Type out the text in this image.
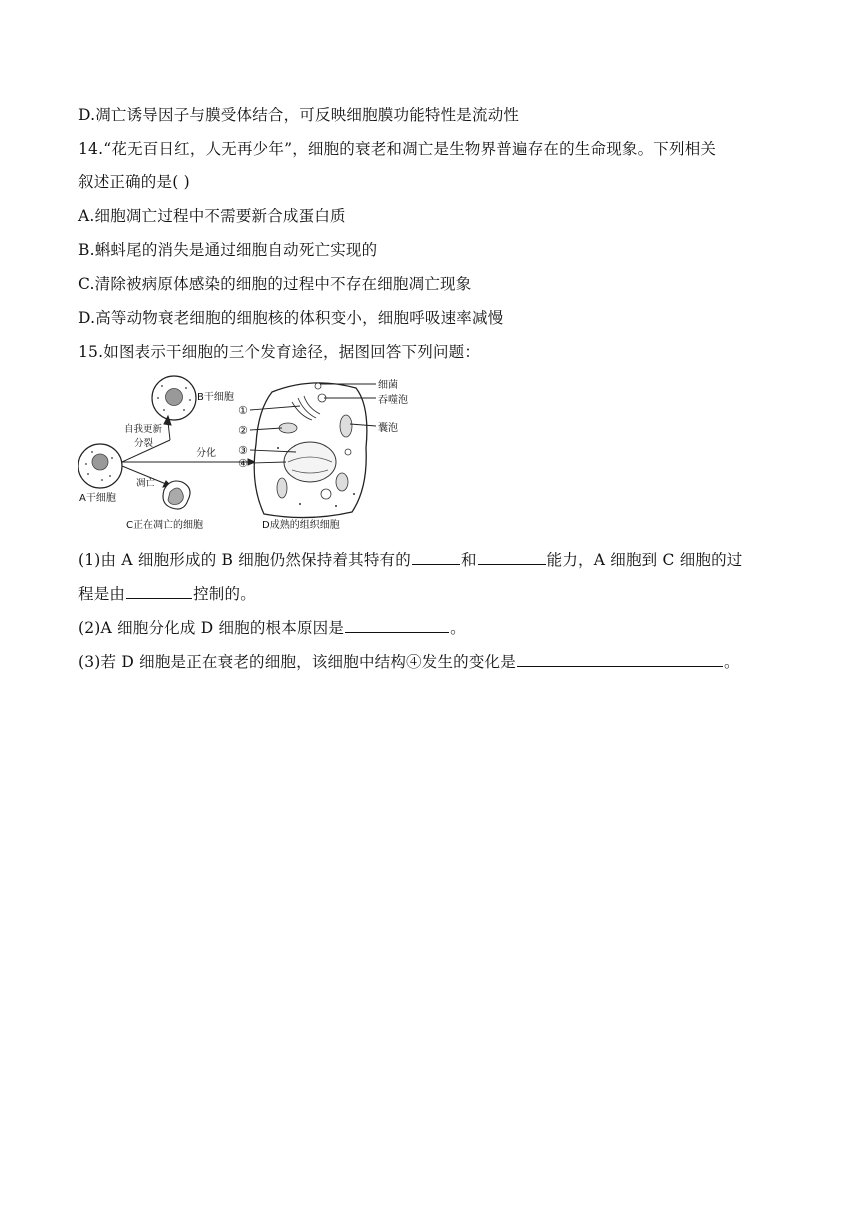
D.凋亡诱导因子与膜受体结合，可反映细胞膜功能特性是流动性
14.“花无百日红，人无再少年”，细胞的衰老和凋亡是生物界普遍存在的生命现象。下列相关
叙述正确的是( )
A.细胞凋亡过程中不需要新合成蛋白质
B.蝌蚪尾的消失是通过细胞自动死亡实现的
C.清除被病原体感染的细胞的过程中不存在细胞凋亡现象
D.高等动物衰老细胞的细胞核的体积变小，细胞呼吸速率减慢
15.如图表示干细胞的三个发育途径，据图回答下列问题：
A干细胞
B干细胞
自我更新
分裂
分化
凋亡
C正在凋亡的细胞
①
②
③
④
细菌
吞噬泡
囊泡
D成熟的组织细胞
(1)由 A 细胞形成的 B 细胞仍然保持着其特有的	和	能力，A 细胞到 C 细胞的过
程是由	控制的。
(2)A 细胞分化成 D 细胞的根本原因是	。
(3)若 D 细胞是正在衰老的细胞，该细胞中结构④发生的变化是	。
